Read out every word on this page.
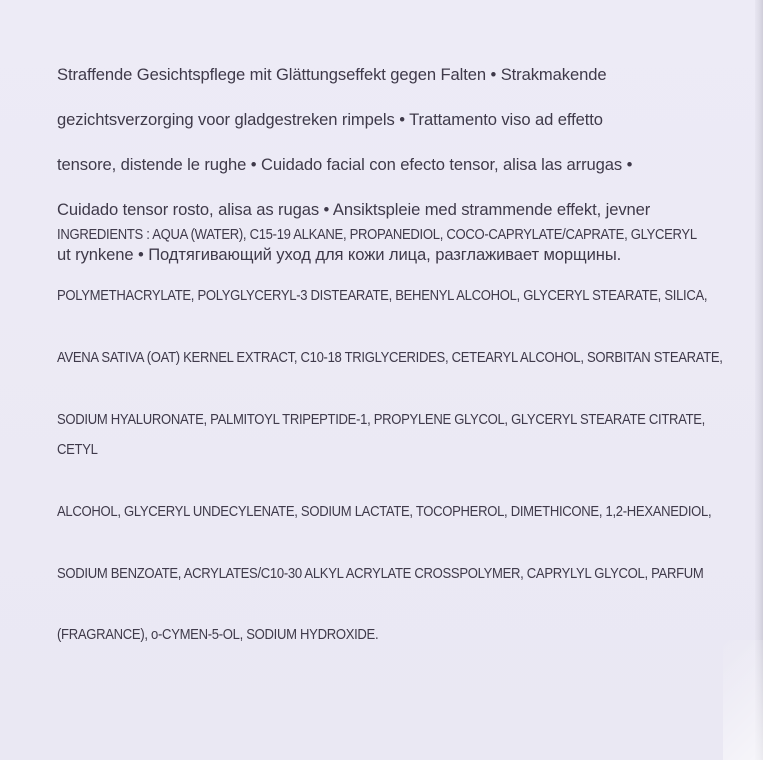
Straffende Gesichtspflege mit Glättungseffekt gegen Falten • Strakmakende

gezichtsverzorging voor gladgestreken rimpels • Trattamento viso ad effetto

tensore, distende le rughe • Cuidado facial con efecto tensor, alisa las arrugas •

Cuidado tensor rosto, alisa as rugas • Ansiktspleie med strammende effekt, jevner

ut rynkene • Подтягивающий уход для кожи лица, разглаживает морщины.

INGREDIENTS : AQUA (WATER), C15-19 ALKANE, PROPANEDIOL, COCO-CAPRYLATE/CAPRATE, GLYCERYL

POLYMETHACRYLATE, POLYGLYCERYL-3 DISTEARATE, BEHENYL ALCOHOL, GLYCERYL STEARATE, SILICA,

AVENA SATIVA (OAT) KERNEL EXTRACT, C10-18 TRIGLYCERIDES, CETEARYL ALCOHOL, SORBITAN STEARATE,

SODIUM HYALURONATE, PALMITOYL TRIPEPTIDE-1, PROPYLENE GLYCOL, GLYCERYL STEARATE CITRATE, CETYL

ALCOHOL, GLYCERYL UNDECYLENATE, SODIUM LACTATE, TOCOPHEROL, DIMETHICONE, 1,2-HEXANEDIOL,

SODIUM BENZOATE, ACRYLATES/C10-30 ALKYL ACRYLATE CROSSPOLYMER, CAPRYLYL GLYCOL, PARFUM

(FRAGRANCE), o-CYMEN-5-OL, SODIUM HYDROXIDE.
